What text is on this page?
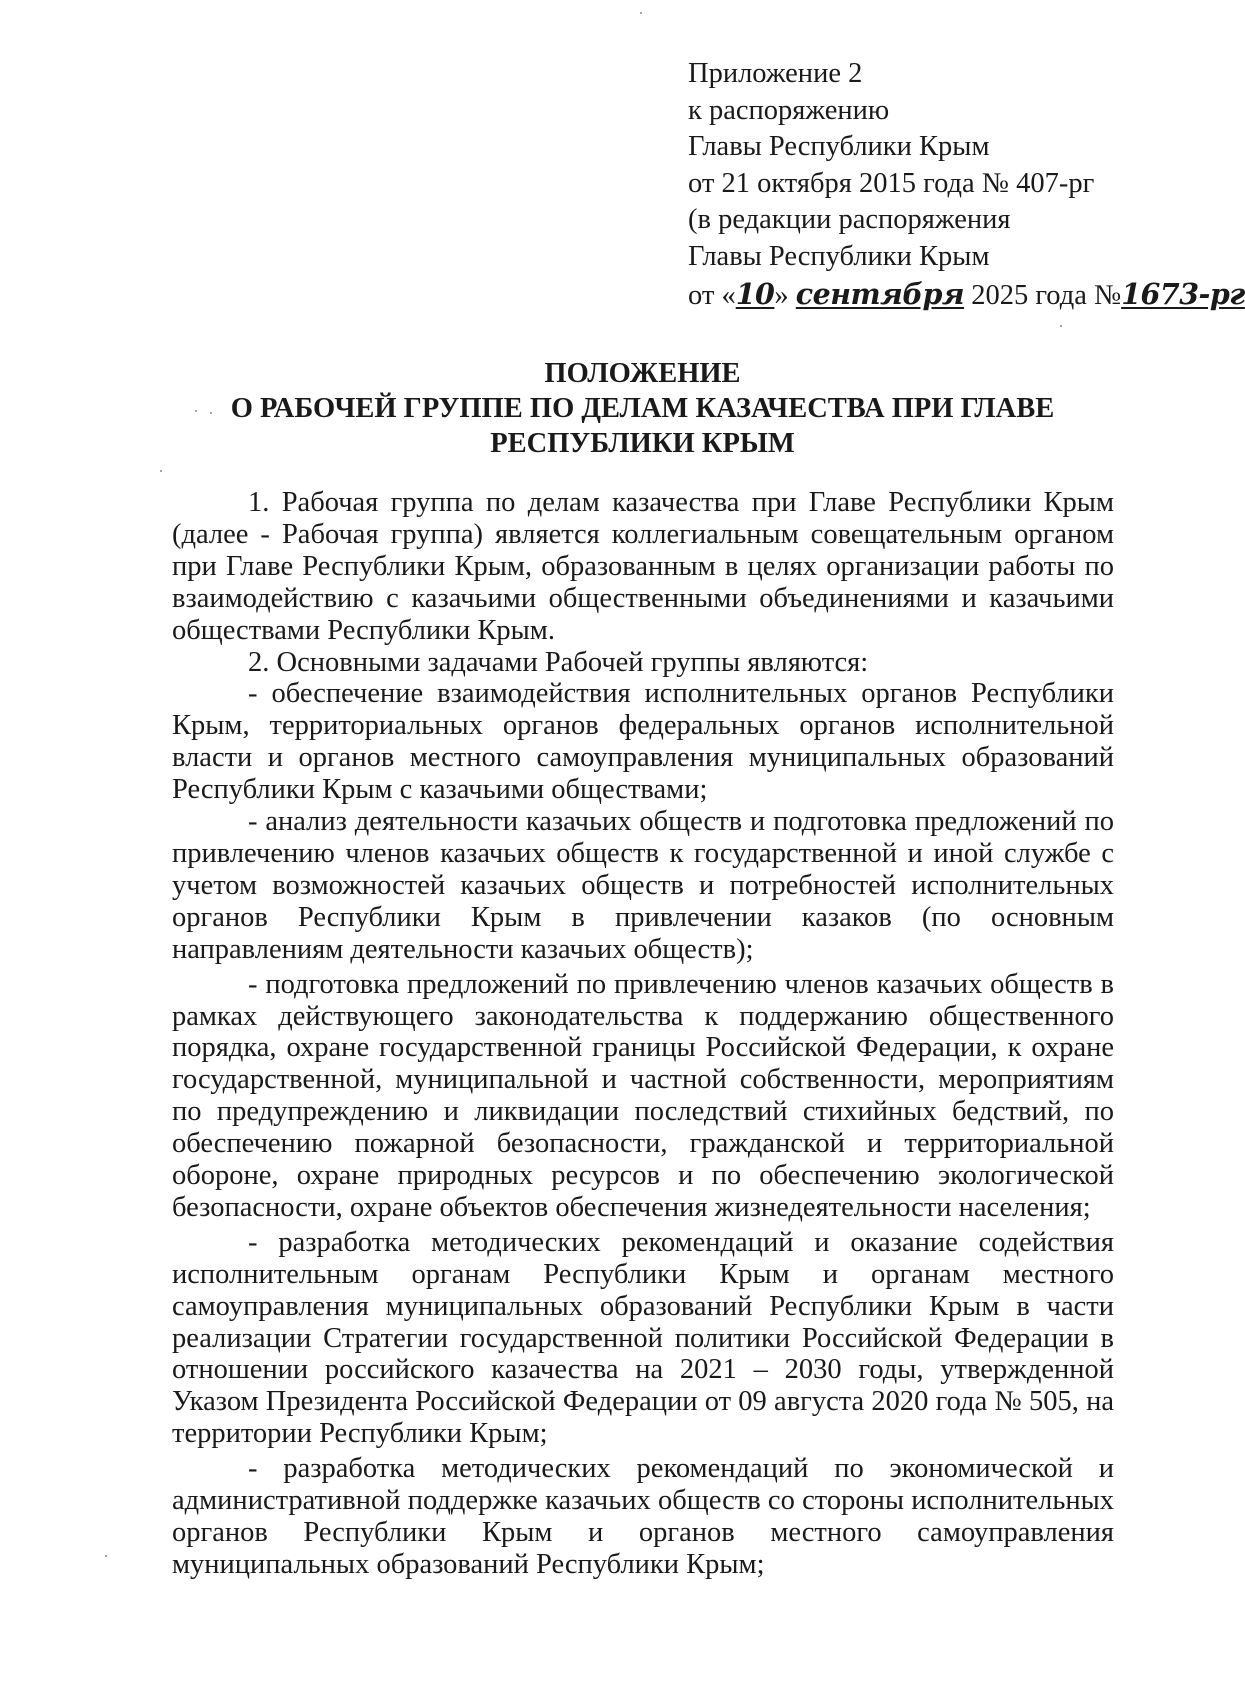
Приложение 2
к распоряжению
Главы Республики Крым
от 21 октября 2015 года № 407-рг
(в редакции распоряжения
Главы Республики Крым
от «10» сентября 2025 года №1673-рг
ПОЛОЖЕНИЕ
О РАБОЧЕЙ ГРУППЕ ПО ДЕЛАМ КАЗАЧЕСТВА ПРИ ГЛАВЕ
РЕСПУБЛИКИ КРЫМ

1. Рабочая группа по делам казачества при Главе Республики Крым (далее - Рабочая группа) является коллегиальным совещательным органом при Главе Республики Крым, образованным в целях организации работы по взаимодействию с казачьими общественными объединениями и казачьими обществами Республики Крым.

2. Основными задачами Рабочей группы являются:

- обеспечение взаимодействия исполнительных органов Республики Крым, территориальных органов федеральных органов исполнительной власти и органов местного самоуправления муниципальных образований Республики Крым с казачьими обществами;

- анализ деятельности казачьих обществ и подготовка предложений по привлечению членов казачьих обществ к государственной и иной службе с учетом возможностей казачьих обществ и потребностей исполнительных органов Республики Крым в привлечении казаков (по основным направлениям деятельности казачьих обществ);

- подготовка предложений по привлечению членов казачьих обществ в рамках действующего законодательства к поддержанию общественного порядка, охране государственной границы Российской Федерации, к охране государственной, муниципальной и частной собственности, мероприятиям по предупреждению и ликвидации последствий стихийных бедствий, по обеспечению пожарной безопасности, гражданской и территориальной обороне, охране природных ресурсов и по обеспечению экологической безопасности, охране объектов обеспечения жизнедеятельности населения;

- разработка методических рекомендаций и оказание содействия исполнительным органам Республики Крым и органам местного самоуправления муниципальных образований Республики Крым в части реализации Стратегии государственной политики Российской Федерации в отношении российского казачества на 2021 – 2030 годы, утвержденной Указом Президента Российской Федерации от 09 августа 2020 года № 505, на территории Республики Крым;

- разработка методических рекомендаций по экономической и административной поддержке казачьих обществ со стороны исполнительных органов Республики Крым и органов местного самоуправления муниципальных образований Республики Крым;
